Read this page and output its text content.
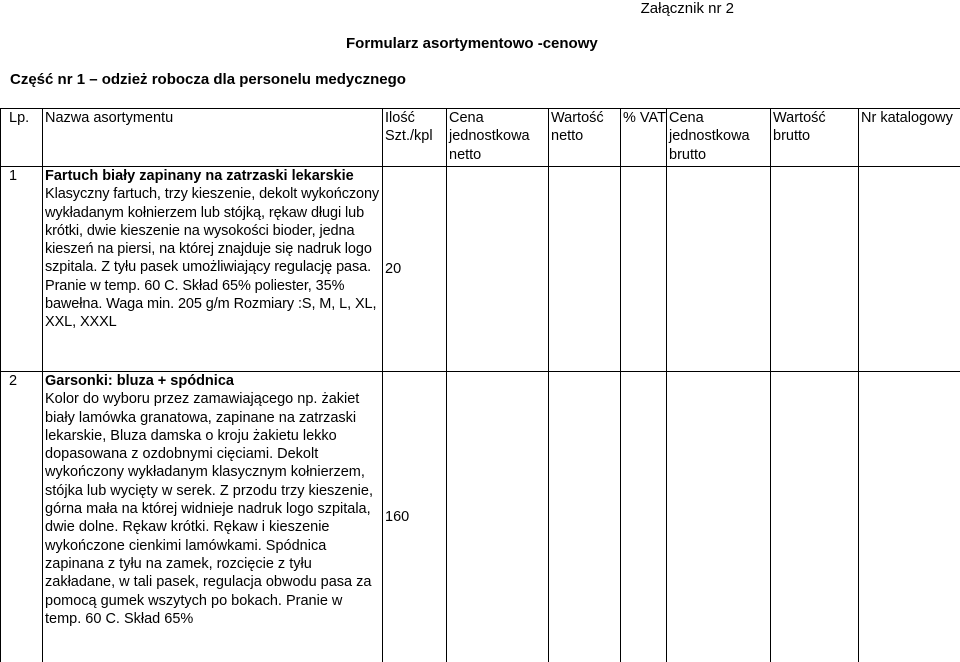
Załącznik nr 2
Formularz asortymentowo -cenowy
Część nr 1 – odzież robocza dla personelu medycznego
Lp.	Nazwa asortymentu	Ilość Szt./kpl	Cena jednostkowa netto	Wartość netto	% VAT	Cena jednostkowa brutto	Wartość brutto	Nr katalogowy
1	Fartuch biały zapinany na zatrzaski lekarskie
Klasyczny fartuch, trzy kieszenie, dekolt wykończony wykładanym kołnierzem lub stójką, rękaw długi lub krótki, dwie kieszenie na wysokości bioder, jedna kieszeń na piersi, na której znajduje się nadruk logo szpitala. Z tyłu pasek umożliwiający regulację pasa. Pranie w temp. 60 C. Skład 65% poliester, 35% bawełna. Waga min. 205 g/m Rozmiary :S, M, L, XL, XXL, XXXL	20						
2	Garsonki: bluza + spódnica
Kolor do wyboru przez zamawiającego np. żakiet biały lamówka granatowa, zapinane na zatrzaski lekarskie, Bluza damska o kroju żakietu lekko dopasowana z ozdobnymi cięciami. Dekolt wykończony wykładanym klasycznym kołnierzem, stójka lub wycięty w serek. Z przodu trzy kieszenie, górna mała na której widnieje nadruk logo szpitala, dwie dolne. Rękaw krótki. Rękaw i kieszenie wykończone cienkimi lamówkami. Spódnica zapinana z tyłu na zamek, rozcięcie z tyłu zakładane, w tali pasek, regulacja obwodu pasa za pomocą gumek wszytych po bokach. Pranie w temp. 60 C. Skład 65%	160						
